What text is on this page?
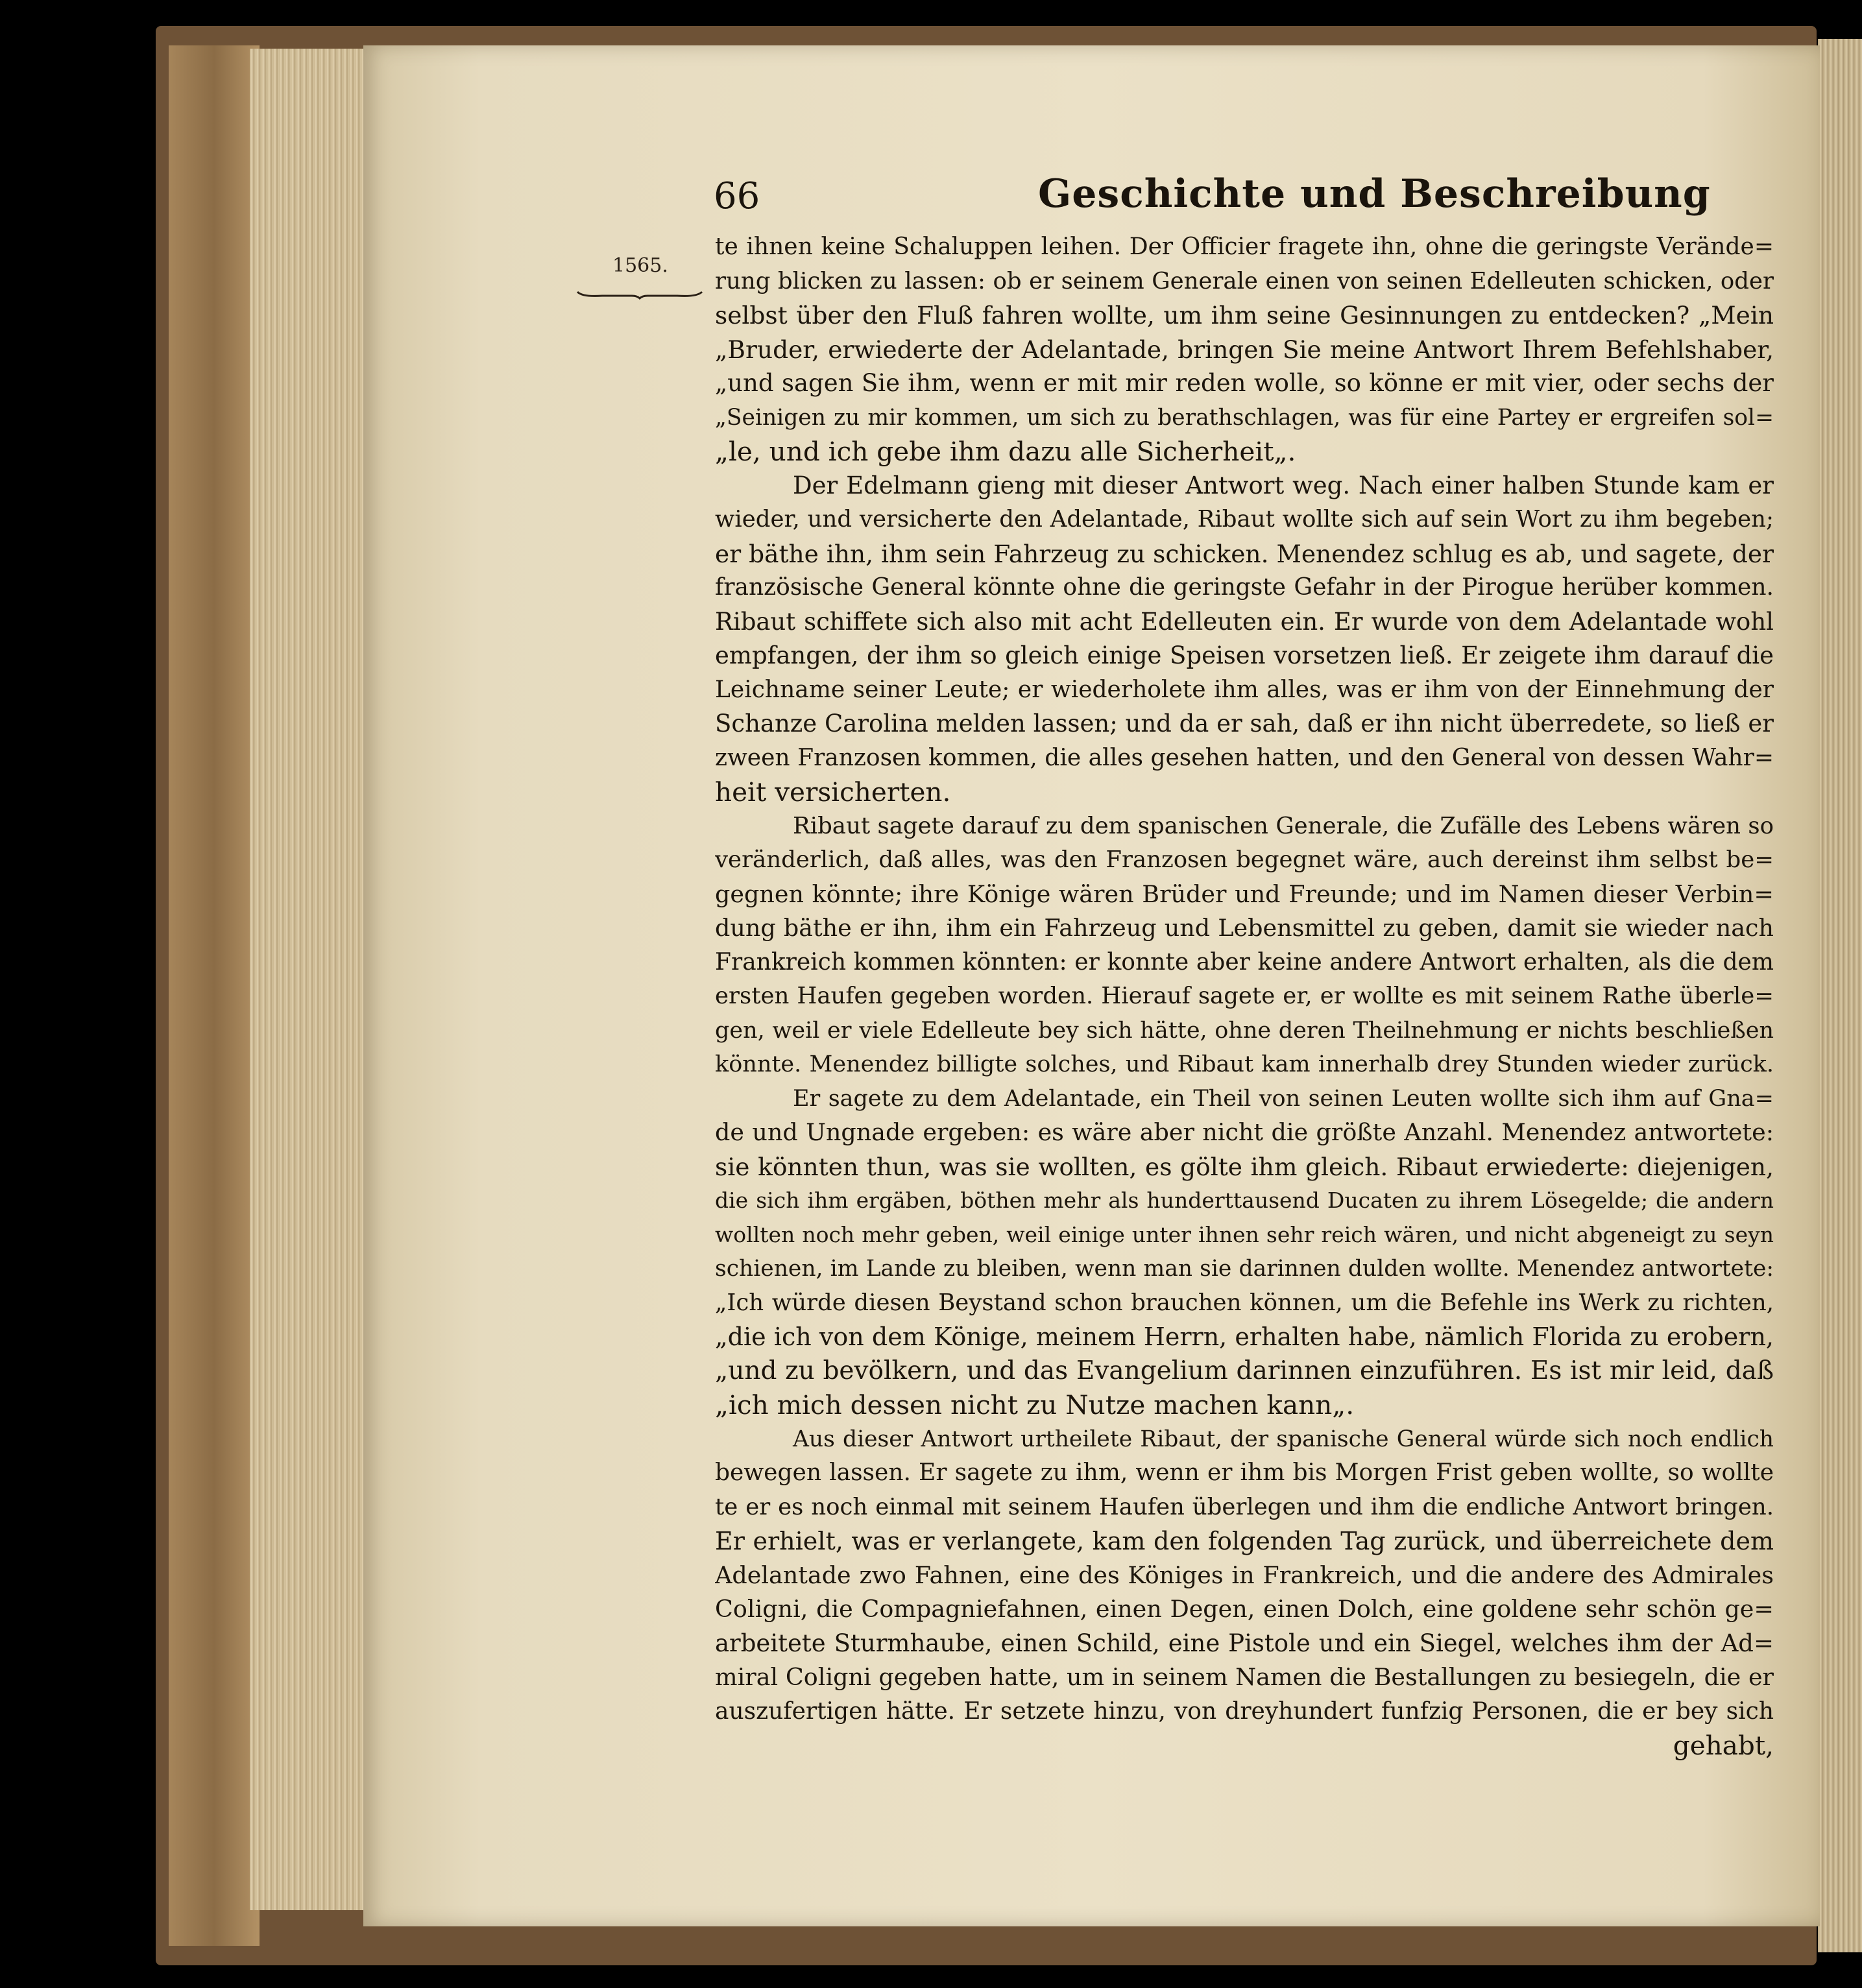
66	Geschichte und Beschreibung
1565.
te ihnen keine Schaluppen leihen. Der Officier fragete ihn, ohne die geringste Verände=
rung blicken zu lassen: ob er seinem Generale einen von seinen Edelleuten schicken, oder
selbst über den Fluß fahren wollte, um ihm seine Gesinnungen zu entdecken? „Mein
„Bruder, erwiederte der Adelantade, bringen Sie meine Antwort Ihrem Befehlshaber,
„und sagen Sie ihm, wenn er mit mir reden wolle, so könne er mit vier, oder sechs der
„Seinigen zu mir kommen, um sich zu berathschlagen, was für eine Partey er ergreifen sol=
„le, und ich gebe ihm dazu alle Sicherheit„.
Der Edelmann gieng mit dieser Antwort weg. Nach einer halben Stunde kam er
wieder, und versicherte den Adelantade, Ribaut wollte sich auf sein Wort zu ihm begeben;
er bäthe ihn, ihm sein Fahrzeug zu schicken. Menendez schlug es ab, und sagete, der
französische General könnte ohne die geringste Gefahr in der Pirogue herüber kommen.
Ribaut schiffete sich also mit acht Edelleuten ein. Er wurde von dem Adelantade wohl
empfangen, der ihm so gleich einige Speisen vorsetzen ließ. Er zeigete ihm darauf die
Leichname seiner Leute; er wiederholete ihm alles, was er ihm von der Einnehmung der
Schanze Carolina melden lassen; und da er sah, daß er ihn nicht überredete, so ließ er
zween Franzosen kommen, die alles gesehen hatten, und den General von dessen Wahr=
heit versicherten.
Ribaut sagete darauf zu dem spanischen Generale, die Zufälle des Lebens wären so
veränderlich, daß alles, was den Franzosen begegnet wäre, auch dereinst ihm selbst be=
gegnen könnte; ihre Könige wären Brüder und Freunde; und im Namen dieser Verbin=
dung bäthe er ihn, ihm ein Fahrzeug und Lebensmittel zu geben, damit sie wieder nach
Frankreich kommen könnten: er konnte aber keine andere Antwort erhalten, als die dem
ersten Haufen gegeben worden. Hierauf sagete er, er wollte es mit seinem Rathe überle=
gen, weil er viele Edelleute bey sich hätte, ohne deren Theilnehmung er nichts beschließen
könnte. Menendez billigte solches, und Ribaut kam innerhalb drey Stunden wieder zurück.
Er sagete zu dem Adelantade, ein Theil von seinen Leuten wollte sich ihm auf Gna=
de und Ungnade ergeben: es wäre aber nicht die größte Anzahl. Menendez antwortete:
sie könnten thun, was sie wollten, es gölte ihm gleich. Ribaut erwiederte: diejenigen,
die sich ihm ergäben, böthen mehr als hunderttausend Ducaten zu ihrem Lösegelde; die andern
wollten noch mehr geben, weil einige unter ihnen sehr reich wären, und nicht abgeneigt zu seyn
schienen, im Lande zu bleiben, wenn man sie darinnen dulden wollte. Menendez antwortete:
„Ich würde diesen Beystand schon brauchen können, um die Befehle ins Werk zu richten,
„die ich von dem Könige, meinem Herrn, erhalten habe, nämlich Florida zu erobern,
„und zu bevölkern, und das Evangelium darinnen einzuführen. Es ist mir leid, daß
„ich mich dessen nicht zu Nutze machen kann„.
Aus dieser Antwort urtheilete Ribaut, der spanische General würde sich noch endlich
bewegen lassen. Er sagete zu ihm, wenn er ihm bis Morgen Frist geben wollte, so wollte
te er es noch einmal mit seinem Haufen überlegen und ihm die endliche Antwort bringen.
Er erhielt, was er verlangete, kam den folgenden Tag zurück, und überreichete dem
Adelantade zwo Fahnen, eine des Königes in Frankreich, und die andere des Admirales
Coligni, die Compagniefahnen, einen Degen, einen Dolch, eine goldene sehr schön ge=
arbeitete Sturmhaube, einen Schild, eine Pistole und ein Siegel, welches ihm der Ad=
miral Coligni gegeben hatte, um in seinem Namen die Bestallungen zu besiegeln, die er
auszufertigen hätte. Er setzete hinzu, von dreyhundert funfzig Personen, die er bey sich
gehabt,
